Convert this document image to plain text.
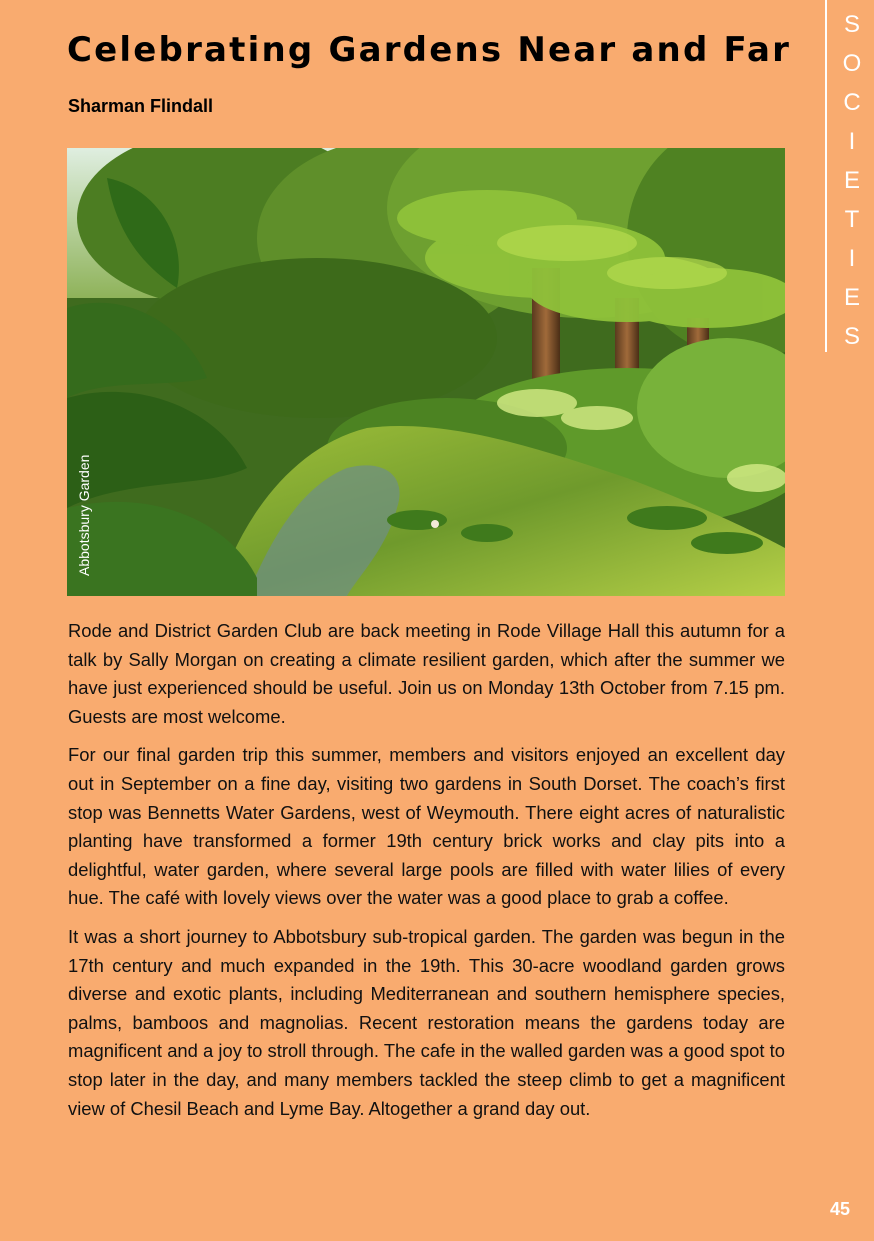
Celebrating Gardens Near and Far
Sharman Flindall
S
O
C
I
E
T
I
E
S
Abbotsbury Garden

Rode and District Garden Club are back meeting in Rode Village Hall this autumn for a talk by Sally Morgan on creating a climate resilient garden, which after the summer we have just experienced should be useful. Join us on Monday 13th October from 7.15 pm. Guests are most welcome.

For our final garden trip this summer, members and visitors enjoyed an excellent day out in September on a fine day, visiting two gardens in South Dorset. The coach’s first stop was Bennetts Water Gardens, west of Weymouth. There eight acres of naturalistic planting have transformed a former 19th century brick works and clay pits into a delightful, water garden, where several large pools are filled with water lilies of every hue. The café with lovely views over the water was a good place to grab a coffee.

It was a short journey to Abbotsbury sub-tropical garden. The garden was begun in the 17th century and much expanded in the 19th. This 30-acre woodland garden grows diverse and exotic plants, including Mediterranean and southern hemisphere species, palms, bamboos and magnolias. Recent restoration means the gardens today are magnificent and a joy to stroll through. The cafe in the walled garden was a good spot to stop later in the day, and many members tackled the steep climb to get a magnificent view of Chesil Beach and Lyme Bay. Altogether a grand day out.

45
